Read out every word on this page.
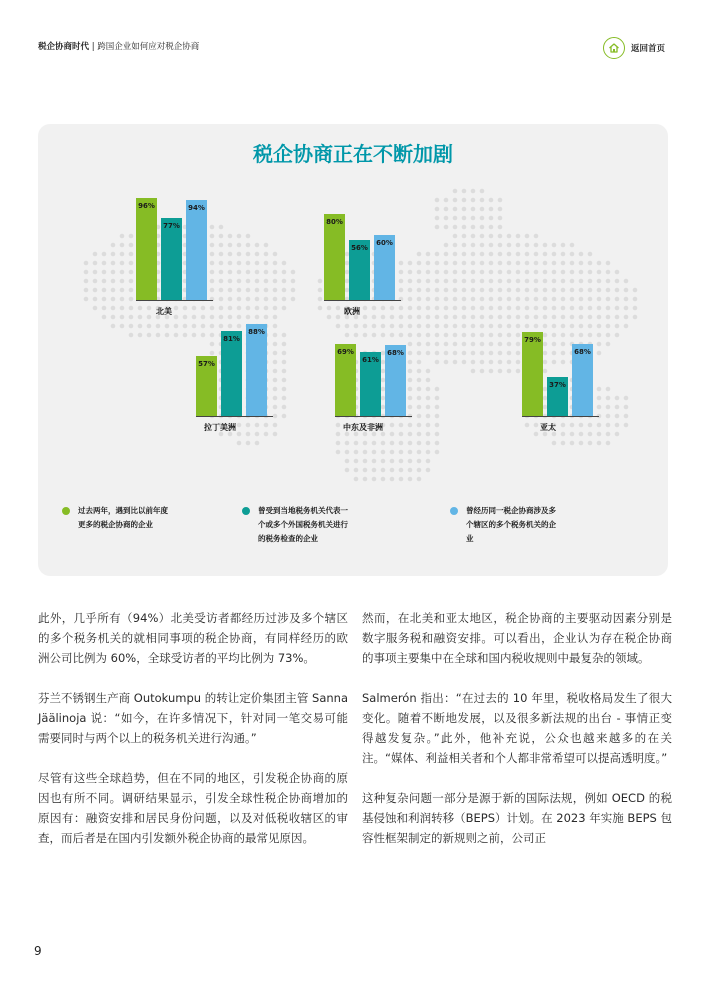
税企协商时代 | 跨国企业如何应对税企协商	返回首页
税企协商正在不断加剧
北美
96%
77%
94%
欧洲
80%
56%
60%
拉丁美洲
57%
81%
88%
中东及非洲
69%
61%
68%
亚太
79%
37%
68%
过去两年，遇到比以前年度
更多的税企协商的企业
曾受到当地税务机关代表一
个或多个外国税务机关进行
的税务检查的企业
曾经历同一税企协商涉及多
个辖区的多个税务机关的企
业

此外，几乎所有（94%）北美受访者都经历过涉及多个辖区的多个税务机关的就相同事项的税企协商，有同样经历的欧洲公司比例为 60%，全球受访者的平均比例为 73%。

芬兰不锈钢生产商 Outokumpu 的转让定价集团主管 Sanna Jäälinoja 说：“如今，在许多情况下，针对同一笔交易可能需要同时与两个以上的税务机关进行沟通。”

尽管有这些全球趋势，但在不同的地区，引发税企协商的原因也有所不同。调研结果显示，引发全球性税企协商增加的原因有：融资安排和居民身份问题，以及对低税收辖区的审查，而后者是在国内引发额外税企协商的最常见原因。

然而，在北美和亚太地区，税企协商的主要驱动因素分别是数字服务税和融资安排。可以看出，企业认为存在税企协商的事项主要集中在全球和国内税收规则中最复杂的领域。

Salmerón 指出：“在过去的 10 年里，税收格局发生了很大变化。随着不断地发展，以及很多新法规的出台 - 事情正变得越发复杂。”此外，他补充说，公众也越来越多的在关注。“媒体、利益相关者和个人都非常希望可以提高透明度。”

这种复杂问题一部分是源于新的国际法规，例如 OECD 的税基侵蚀和利润转移（BEPS）计划。在 2023 年实施 BEPS 包容性框架制定的新规则之前，公司正

9
